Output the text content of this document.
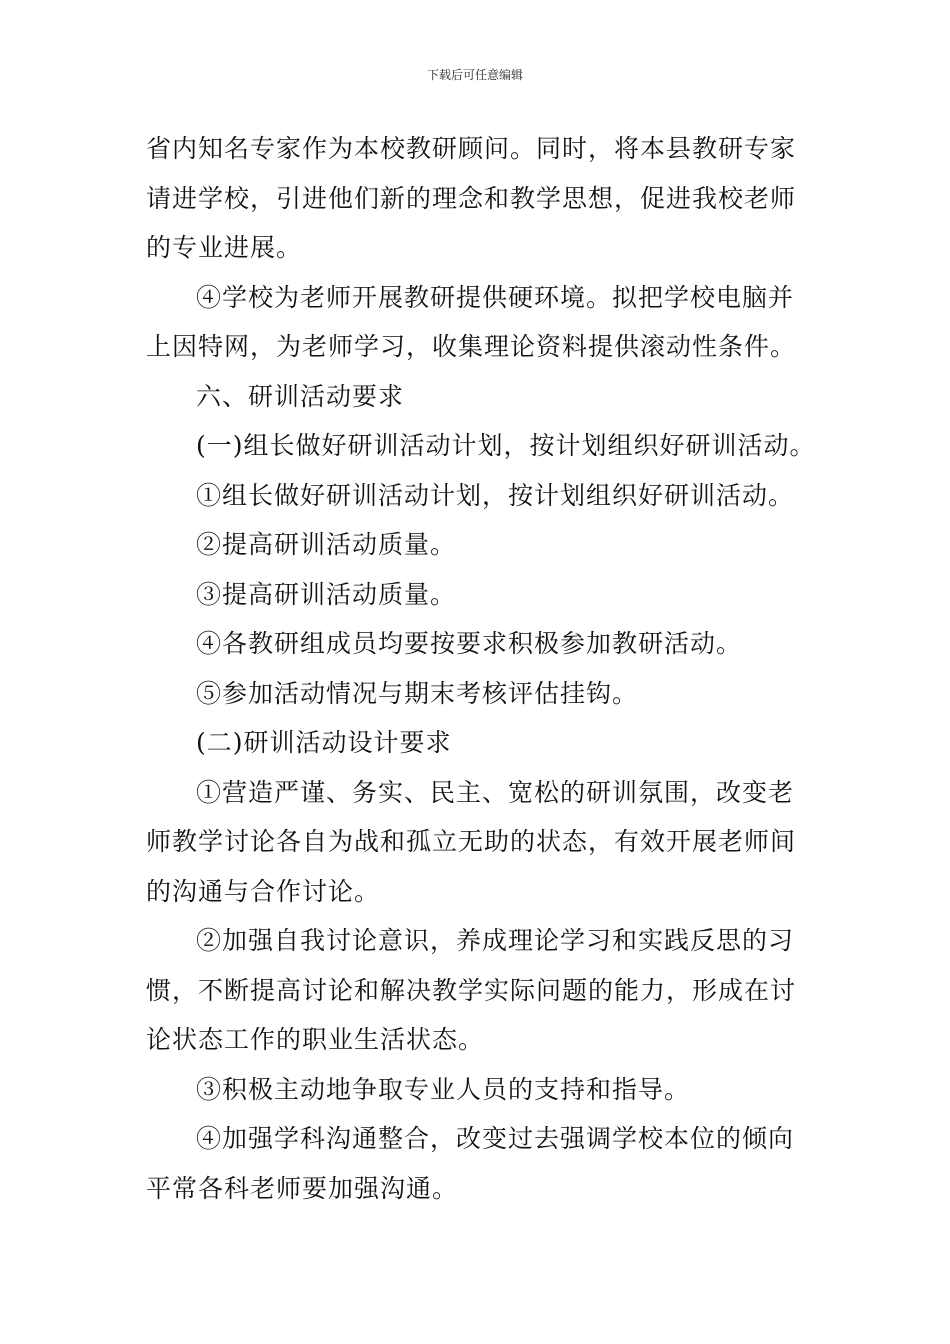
下载后可任意编辑

省内知名专家作为本校教研顾问。同时，将本县教研专家

请进学校，引进他们新的理念和教学思想，促进我校老师

的专业进展。

④学校为老师开展教研提供硬环境。拟把学校电脑并

上因特网，为老师学习，收集理论资料提供滚动性条件。

六、研训活动要求

(一)组长做好研训活动计划，按计划组织好研训活动。

①组长做好研训活动计划，按计划组织好研训活动。

②提高研训活动质量。

③提高研训活动质量。

④各教研组成员均要按要求积极参加教研活动。

⑤参加活动情况与期末考核评估挂钩。

(二)研训活动设计要求

①营造严谨、务实、民主、宽松的研训氛围，改变老

师教学讨论各自为战和孤立无助的状态，有效开展老师间

的沟通与合作讨论。

②加强自我讨论意识，养成理论学习和实践反思的习

惯，不断提高讨论和解决教学实际问题的能力，形成在讨

论状态工作的职业生活状态。

③积极主动地争取专业人员的支持和指导。

④加强学科沟通整合，改变过去强调学校本位的倾向

平常各科老师要加强沟通。
